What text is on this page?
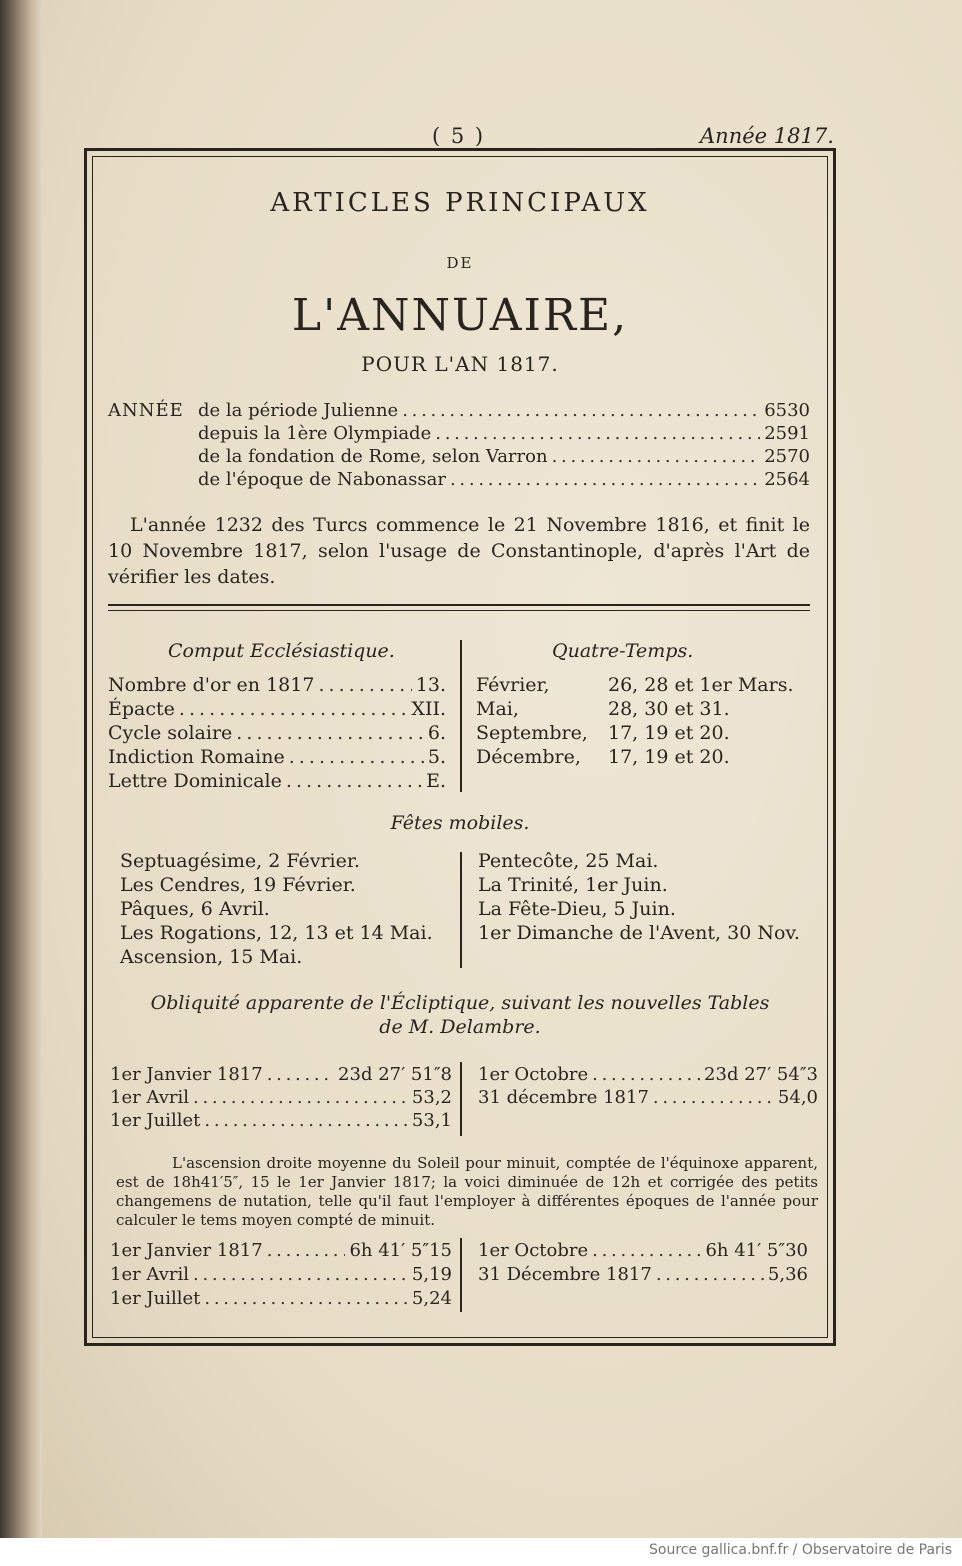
( 5 )	Année 1817.
ARTICLES PRINCIPAUX
DE
L'ANNUAIRE,
POUR L'AN 1817.
ANNÉE de la période Julienne . . .	6530
depuis la 1ère Olympiade . . .	2591
de la fondation de Rome, selon Varron . . .	2570
de l'époque de Nabonassar . . .	2564
L'année 1232 des Turcs commence le 21 Novembre 1816, et finit le 10 Novembre 1817, selon l'usage de Constantinople, d'après l'Art de vérifier les dates.
Comput Ecclésiastique.	Quatre-Temps.
Nombre d'or en 1817 . . .	13.
Épacte . . .	XII.
Cycle solaire . . .	6.
Indiction Romaine . . .	5.
Lettre Dominicale . . .	E.
Février,	26, 28 et 1er Mars.
Mai,	28, 30 et 31.
Septembre, 17, 19 et 20.
Décembre, 17, 19 et 20.
Fêtes mobiles.
Septuagésime, 2 Février.
Les Cendres, 19 Février.
Pâques, 6 Avril.
Les Rogations, 12, 13 et 14 Mai.
Ascension, 15 Mai.
Pentecôte, 25 Mai.
La Trinité, 1er Juin.
La Fête-Dieu, 5 Juin.
1er Dimanche de l'Avent, 30 Nov.
Obliquité apparente de l'Écliptique, suivant les nouvelles Tables
de M. Delambre.
1er Janvier 1817 . . .	23d 27′ 51″8
1er Avril . . .	53,2
1er Juillet . . .	53,1
1er Octobre . . .	23d 27′ 54″3
31 décembre 1817 . . .	54,0
L'ascension droite moyenne du Soleil pour minuit, comptée de l'équinoxe apparent, est de 18h41′5″, 15 le 1er Janvier 1817; la voici diminuée de 12h et corrigée des petits changemens de nutation, telle qu'il faut l'employer à différentes époques de l'année pour calculer le tems moyen compté de minuit.
1er Janvier 1817 . . .	6h 41′ 5″15
1er Avril . . .	5,19
1er Juillet . . .	5,24
1er Octobre . . .	6h 41′ 5″30
31 Décembre 1817 . . .	5,36
Source gallica.bnf.fr / Observatoire de Paris
